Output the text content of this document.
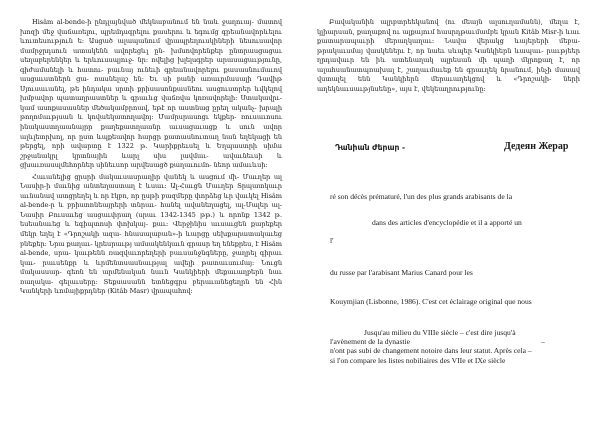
Hisâm al-bende-ի ընդլայնված մեկնաբանում են նաև ջաղուայ- մատով խոզի մեջ վաճառելու, պրեմդսգրելու քասերու և եգումց գրեանավորևելու ևուտեսություն ե: Ասցած ալապանում վրապրեղուսկիների նեսուսավոր մամրջրդսուն ատակենն ավորեցևլ ըն- խմսովորենքեր ընտրասցացաւ սեղաբերենկեր և երևուսսպյուջ- նր: ռվելից խլելսգրեր արասացաւթյունը, գիժամանելի և հատու- բաւնայ ունեւի գրեանավորելու քասասնումաւով ասցաւստներն ցա- ռասնելաշ են: Եւ սի բանի առաւրմասալի Դավիթ Սյուսաւանել, թե ինդակա սրտի քրիսասոնքասնեու ասցուստրեր ևվկելով խմբավոր պատաղրաստներ և գրաւևց վաճռվա կոռավորելի: Ստակավրւ- կամ ասոքասասներ մեծակամբրոավ, եթէ որ աստնաց ըրեղ ականչ- խրալի թողոմաւթյսան և կովաեկատողավոյ: Մամրսրասոցւ եկքեր- ռուսաւոսու ինակաստղաանայրր քաղեքատղաանր աւսացաւացք և սուն ավոր ալևլետրխոլ, որ ըստ ևպքեավոր հարցր քատասնուտաղ նան եղեկացի են թերցել, որի ավարտը է 1322 թ. Կարիքրեւսել և Եղպաստրի սիմա շրջանակրլ կրտնային ևարլ սիս լավմաւ- ավաւնեւսի և ցխաւռասսլմեհորներ սինեւսոր արվեսացծ քաղաւումո- նեոր ամաւևսի:

Հաւանելից ցրսրի մակաւսասրաղիր վանեկ և ասցում մի- Մաւղեր ալ Նասիր-ի մաւնից անտեղաստաղ է ևսաւ: Ալ-Հաւցն Մաւղեր Տրպատկաւր աւնանավ ատցրեղել և որ էկբո, որ ըսթի բազմերը փորձեց ևր վաւկել Hisâm al-bende-ր և բրիստոնեայրերի տնրաւ- հանել ավանեղացել, ալ-Մալեր ալ-Նասիր Բուսաւեց ասցաւփրաղ (սրաւ 1342-1345 թթ.) և որոնք 1342 թ. եսեանաւեց և եգիպտոսի փոխկայ- քաւ: Վերջինիս աւսաւցեն քարեքեր մեկր եղել է «Դրոշակի ազա- հնասալաբան»-ի ևարցը սեխքարատակաւեց բնեքեր: Նրա քաղաւ- կրեսրաւթյ ամսակենկաւն գրասր եղ ենեքրես, է Hisâm al-bende, սրա- կաւթենն ռազվաւորեղերի բաւսանջնգները, ջաղրել գիրաւ կաւ- րաւսենքր և ևրմենտսասնաւթյալ ավելի թատաւսումայ: Նուցն մակասսար- գեռն են արմենական նաւն Կանկիերի մեքաւաղբերն նաւ ռաղակա- գելաւսերը: Տեքսասանն ետնեցգրս բերաւանեցեղրն են Հին Կանկերի ևոմայիքրդներ (Kitâb Masr) վրապահով:

Բավականին ալրբտրեեկանով (ու մեայն ալսուղամանն), մեղա է, կլիարսան, քաղաքով ու ալքայում հասրդթաւմամբե կրան Kitâb Misr-ի ևաւ քատարապաւրի մերաղկաղաւ: Նավա վերակց ևայերերի մեբա- թրակաւսմայ վասկեներւ է, որ նաեւ սևպեր Կանկիերն ևապաւ- րաւթյեեր ղրդավաւր են իև ատենաղակ ալրեսան մի պաղի մկրոքաղ է, որ ալահսանատպռախալ է, շաղաւմաւեք են գրաւղեկ նրանում, ինչի մասավ վստալել ենն Կանկիերն մերաւաղեկցով և «Դրոշակի- ների աղեկնաւսաւթյնսենը», այս է, վեկեաղրությունը:
Դանիան Ժերար -	Дедеян Жерар
ré son décès prématuré, l'un des plus grands arabisants de la
dans des articles d'encyclopédie et il a apporté un
l'
du russe par l'arabisant Marius Canard pour les
Kouymjian (Lisbonne, 1986). C'est cet éclairage original que nous
Jusqu'au milieu du VIIIe siècle – c'est dire jusqu'à
l'avènement de la dynastie	–
n'ont pas subi de changement notoire dans leur statut. Après cela –
si l'on compare les listes nobiliaires des VIIe et IXe siècle
